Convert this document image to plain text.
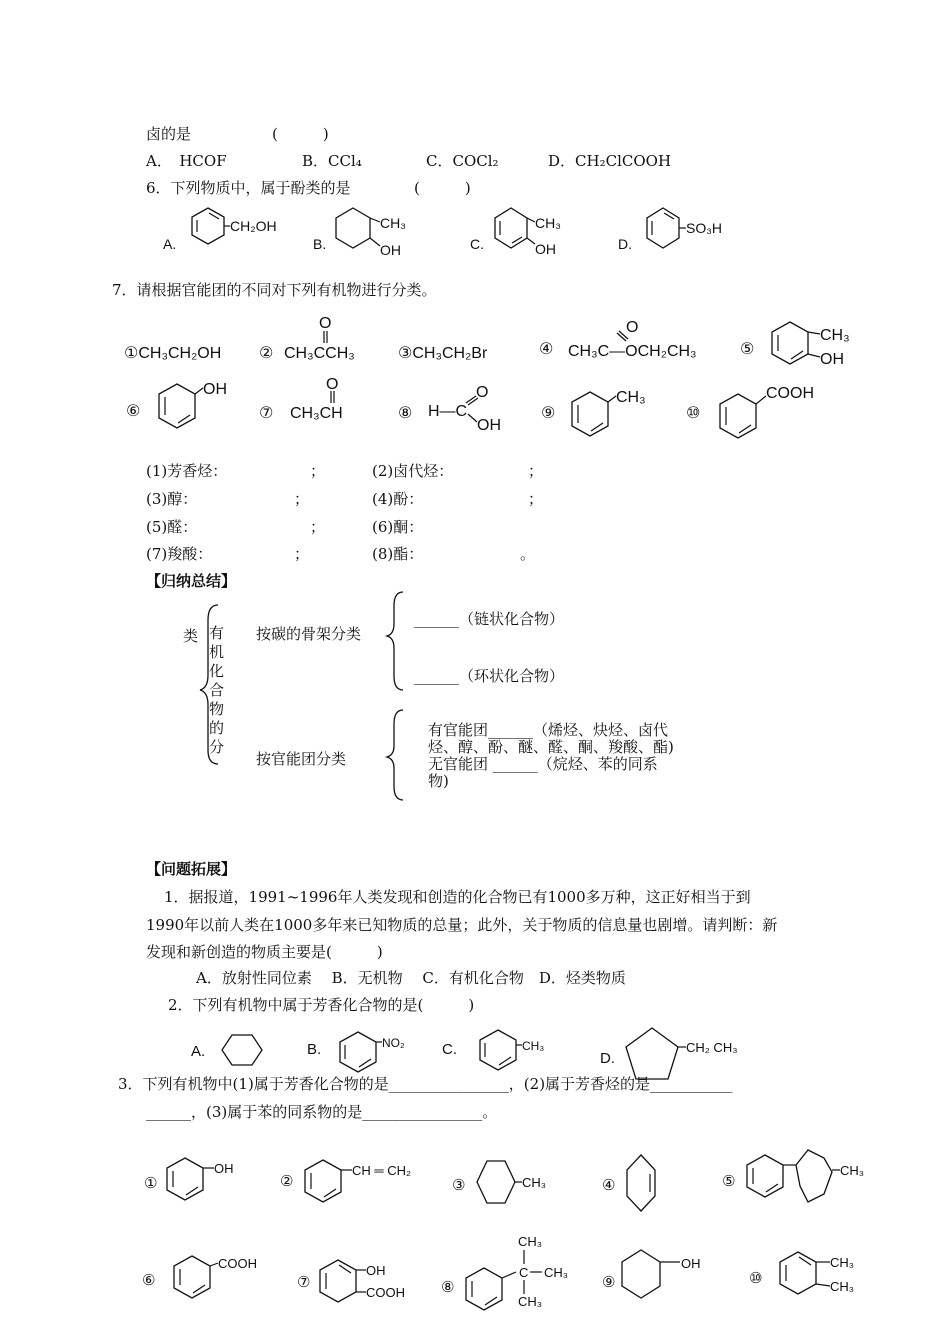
卤的是	(　　　)
A．　HCOF	B．CCl₄	C．COCl₂	D．CH₂ClCOOH
6．下列物质中，属于酚类的是	(　　　)
A.
CH₂OH
B.
CH₃
OH	C.
CH₃
OH	D.
SO₃H
7．请根据官能团的不同对下列有机物进行分类。
①CH₃CH₂OH ② CH₃CCH₃
O
③CH₃CH₂Br	④ CH₃C—OCH₂CH₃
O
⑤
CH₃
OH
⑥
OH
⑦ CH₃CH
O
⑧ H—C
O
OH
⑨
CH₃
⑩
COOH
(1)芳香烃：	；	(2)卤代烃：	；
(3)醇：	；	(4)酚：	；
(5)醛：	；	(6)酮：
(7)羧酸：	；	(8)酯：	。
【归纳总结】
类 有机化合物的分
按碳的骨架分类
______（链状化合物）
______（环状化合物）
按官能团分类
有官能团______（烯烃、炔烃、卤代
烃、醇、酚、醚、醛、酮、羧酸、酯)
无官能团 ______（烷烃、苯的同系
物)
【问题拓展】
1．据报道，1991~1996年人类发现和创造的化合物已有1000多万种，这正好相当于到
1990年以前人类在1000多年来已知物质的总量；此外，关于物质的信息量也剧增。请判断：新
发现和新创造的物质主要是(　　　)
A．放射性同位素　 B．无机物　 C．有机化合物　D．烃类物质
2．下列有机物中属于芳香化合物的是(　　　)
A.	B.	NO₂ C.	CH₃
D.
CH₂ CH₃
3．下列有机物中(1)属于芳香化合物的是________________，(2)属于芳香烃的是___________
______，(3)属于苯的同系物的是________________。
①
OH
②
CH ═ CH₂
③	CH₃	④	⑤
CH₃
⑥
COOH
⑦
OH
COOH ⑧
CH₃
C CH₃
CH₃
⑨
OH
⑩
CH₃
CH₃
